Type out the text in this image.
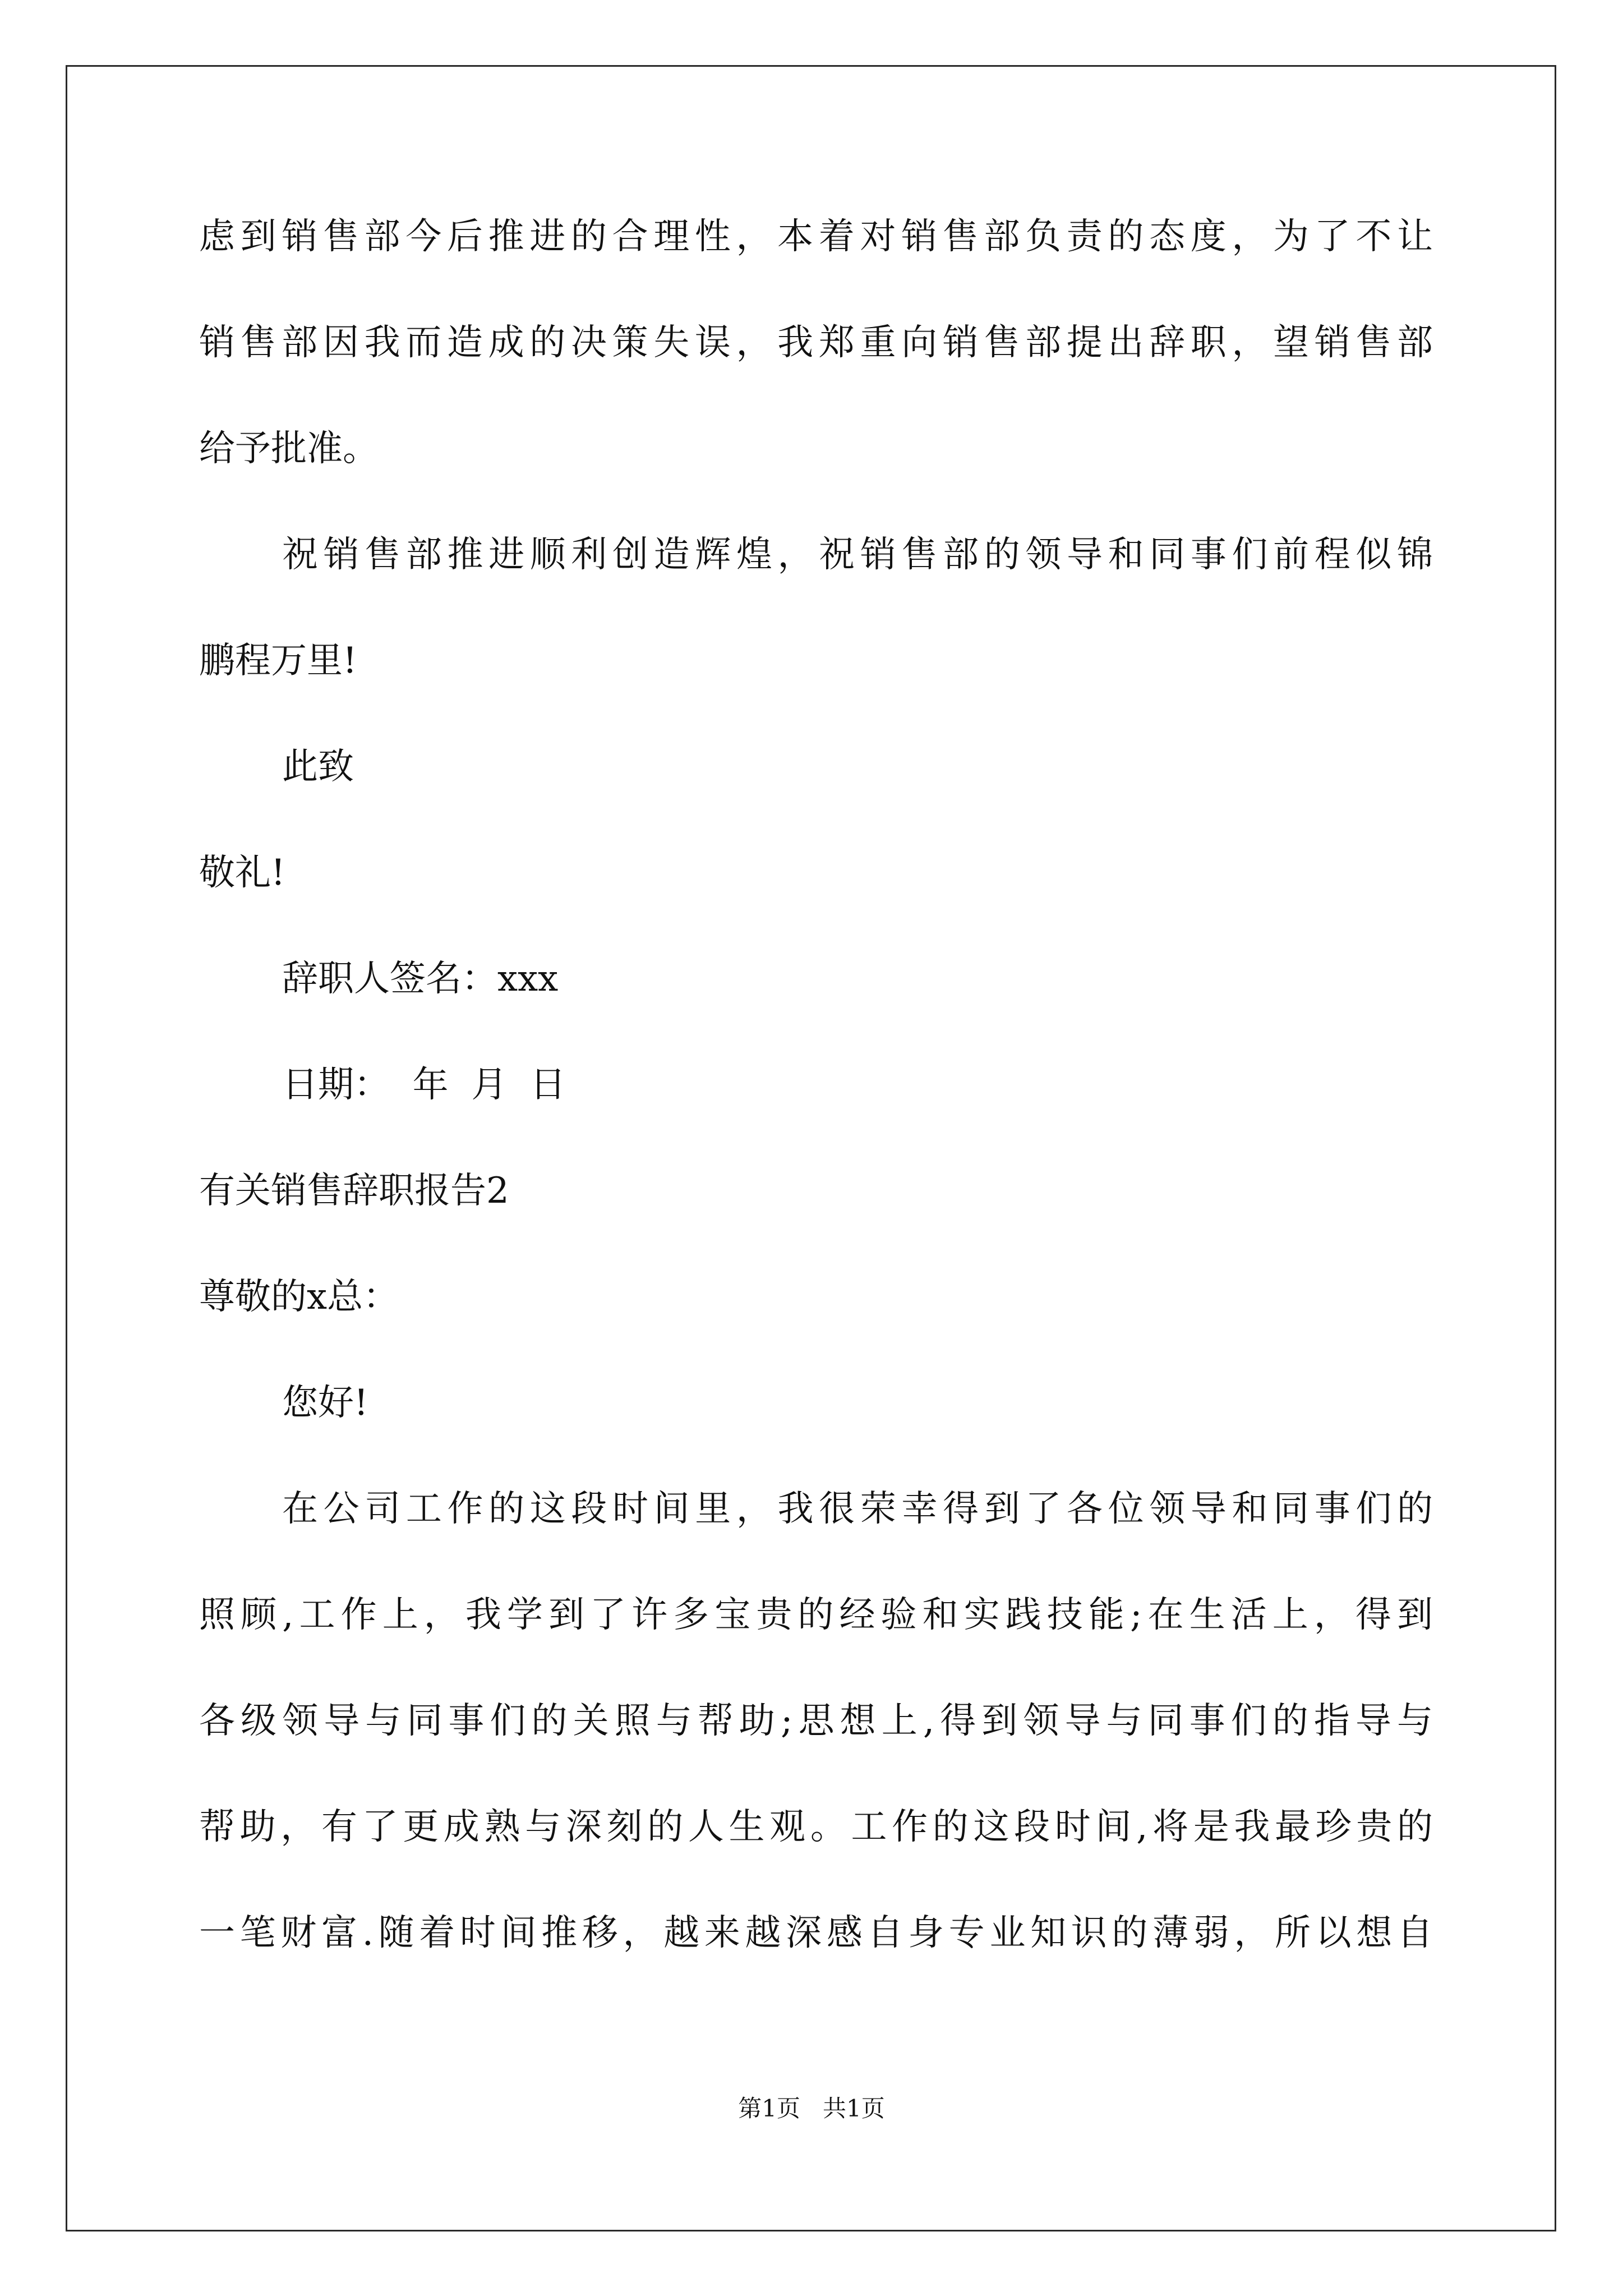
虑到销售部今后推进的合理性，本着对销售部负责的态度，为了不让
销售部因我而造成的决策失误，我郑重向销售部提出辞职，望销售部
给予批准。
祝销售部推进顺利创造辉煌，祝销售部的领导和同事们前程似锦
鹏程万里!
此致
敬礼!
辞职人签名：xxx
日期：  年  月  日
有关销售辞职报告2
尊敬的x总：
您好!
在公司工作的这段时间里，我很荣幸得到了各位领导和同事们的
照顾,工作上，我学到了许多宝贵的经验和实践技能;在生活上，得到
各级领导与同事们的关照与帮助;思想上,得到领导与同事们的指导与
帮助，有了更成熟与深刻的人生观。工作的这段时间,将是我最珍贵的
一笔财富.随着时间推移，越来越深感自身专业知识的薄弱，所以想自
第1页   共1页
